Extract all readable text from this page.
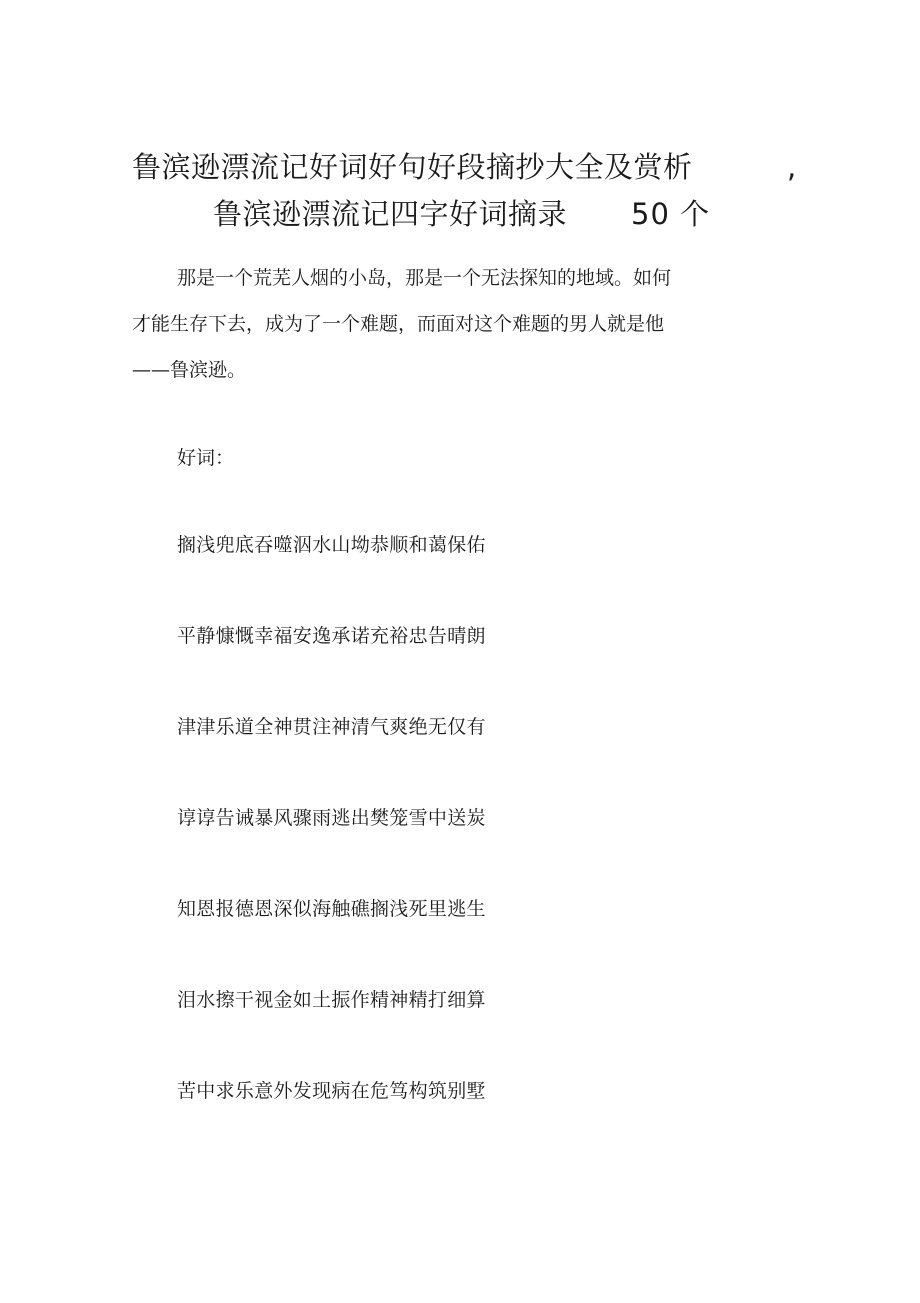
鲁滨逊漂流记好词好句好段摘抄大全及赏析	,
鲁滨逊漂流记四字好词摘录 50 个
那是一个荒芜人烟的小岛，那是一个无法探知的地域。如何
才能生存下去，成为了一个难题，而面对这个难题的男人就是他
——鲁滨逊。
好词：
搁浅兜底吞噬泅水山坳恭顺和蔼保佑
平静慷慨幸福安逸承诺充裕忠告晴朗
津津乐道全神贯注神清气爽绝无仅有
谆谆告诫暴风骤雨逃出樊笼雪中送炭
知恩报德恩深似海触礁搁浅死里逃生
泪水擦干视金如土振作精神精打细算
苦中求乐意外发现病在危笃构筑别墅
